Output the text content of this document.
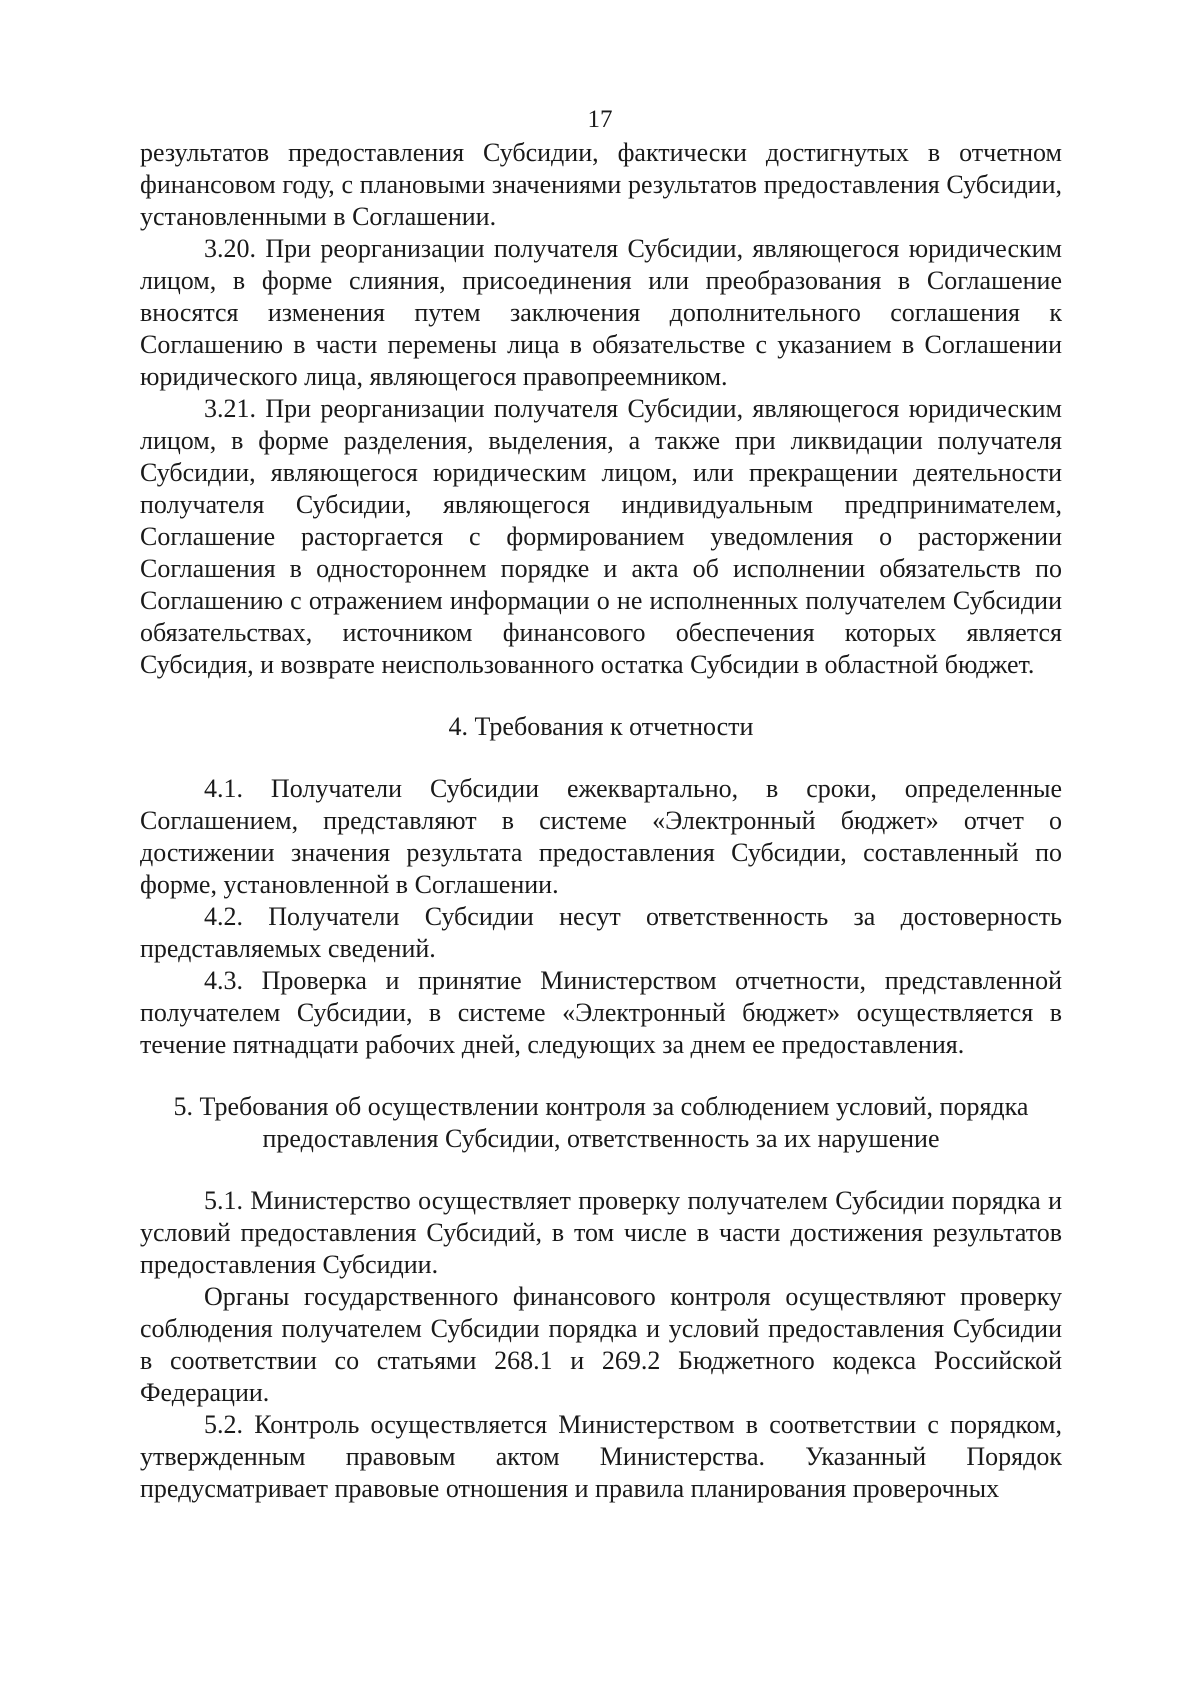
17

результатов предоставления Субсидии, фактически достигнутых в отчетном финансовом году, с плановыми значениями результатов предоставления Субсидии, установленными в Соглашении.

3.20. При реорганизации получателя Субсидии, являющегося юридическим лицом, в форме слияния, присоединения или преобразования в Соглашение вносятся изменения путем заключения дополнительного соглашения к Соглашению в части перемены лица в обязательстве с указанием в Соглашении юридического лица, являющегося правопреемником.

3.21. При реорганизации получателя Субсидии, являющегося юридическим лицом, в форме разделения, выделения, а также при ликвидации получателя Субсидии, являющегося юридическим лицом, или прекращении деятельности получателя Субсидии, являющегося индивидуальным предпринимателем, Соглашение расторгается с формированием уведомления о расторжении Соглашения в одностороннем порядке и акта об исполнении обязательств по Соглашению с отражением информации о не исполненных получателем Субсидии обязательствах, источником финансового обеспечения которых является Субсидия, и возврате неиспользованного остатка Субсидии в областной бюджет.

4. Требования к отчетности

4.1. Получатели Субсидии ежеквартально, в сроки, определенные Соглашением, представляют в системе «Электронный бюджет» отчет о достижении значения результата предоставления Субсидии, составленный по форме, установленной в Соглашении.

4.2. Получатели Субсидии несут ответственность за достоверность представляемых сведений.

4.3. Проверка и принятие Министерством отчетности, представленной получателем Субсидии, в системе «Электронный бюджет» осуществляется в течение пятнадцати рабочих дней, следующих за днем ее предоставления.

5. Требования об осуществлении контроля за соблюдением условий, порядка
предоставления Субсидии, ответственность за их нарушение

5.1. Министерство осуществляет проверку получателем Субсидии порядка и условий предоставления Субсидий, в том числе в части достижения результатов предоставления Субсидии.

Органы государственного финансового контроля осуществляют проверку соблюдения получателем Субсидии порядка и условий предоставления Субсидии в соответствии со статьями 268.1 и 269.2 Бюджетного кодекса Российской Федерации.

5.2. Контроль осуществляется Министерством в соответствии с порядком, утвержденным правовым актом Министерства. Указанный Порядок предусматривает правовые отношения и правила планирования проверочных
